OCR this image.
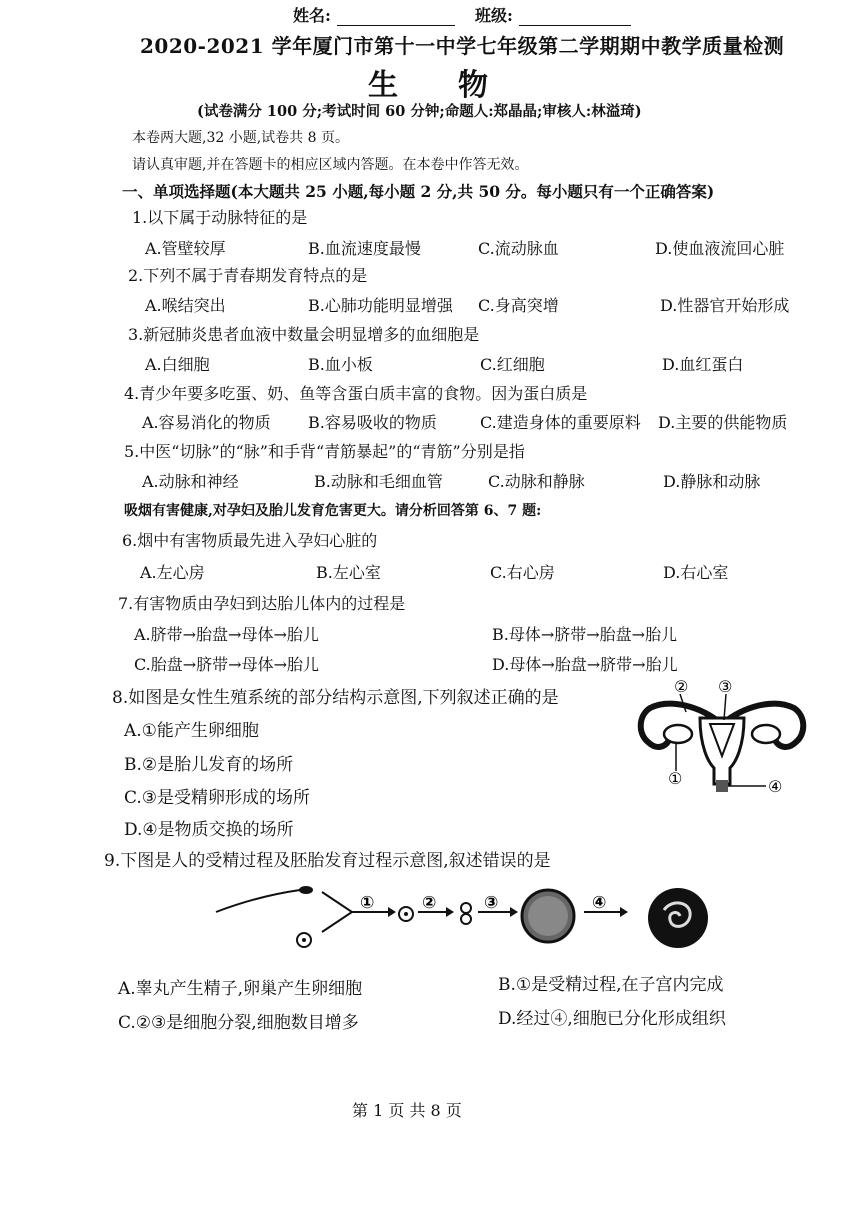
姓名:	班级:
2020-2021 学年厦门市第十一中学七年级第二学期期中教学质量检测
生　　物
(试卷满分 100 分;考试时间 60 分钟;命题人:郑晶晶;审核人:林溢琦)
本卷两大题,32 小题,试卷共 8 页。
请认真审题,并在答题卡的相应区域内答题。在本卷中作答无效。
一、单项选择题(本大题共 25 小题,每小题 2 分,共 50 分。每小题只有一个正确答案)
1.以下属于动脉特征的是
A.管壁较厚	B.血流速度最慢	C.流动脉血	D.使血液流回心脏
2.下列不属于青春期发育特点的是
A.喉结突出	B.心肺功能明显增强 C.身高突增	D.性器官开始形成
3.新冠肺炎患者血液中数量会明显增多的血细胞是
A.白细胞	B.血小板	C.红细胞	D.血红蛋白
4.青少年要多吃蛋、奶、鱼等含蛋白质丰富的食物。因为蛋白质是
A.容易消化的物质 B.容易吸收的物质	C.建造身体的重要原料 D.主要的供能物质
5.中医“切脉”的“脉”和手背“青筋暴起”的“青筋”分别是指
A.动脉和神经	B.动脉和毛细血管	C.动脉和静脉	D.静脉和动脉
吸烟有害健康,对孕妇及胎儿发育危害更大。请分析回答第 6、7 题:
6.烟中有害物质最先进入孕妇心脏的
A.左心房	B.左心室	C.右心房	D.右心室
7.有害物质由孕妇到达胎儿体内的过程是
A.脐带→胎盘→母体→胎儿	B.母体→脐带→胎盘→胎儿
C.胎盘→脐带→母体→胎儿	D.母体→胎盘→脐带→胎儿
8.如图是女性生殖系统的部分结构示意图,下列叙述正确的是
A.①能产生卵细胞
B.②是胎儿发育的场所
C.③是受精卵形成的场所
D.④是物质交换的场所
② ③
①	④
9.下图是人的受精过程及胚胎发育过程示意图,叙述错误的是
①	②	③	④
A.睾丸产生精子,卵巢产生卵细胞	B.①是受精过程,在子宫内完成
C.②③是细胞分裂,细胞数目增多	D.经过④,细胞已分化形成组织
第 1 页 共 8 页
